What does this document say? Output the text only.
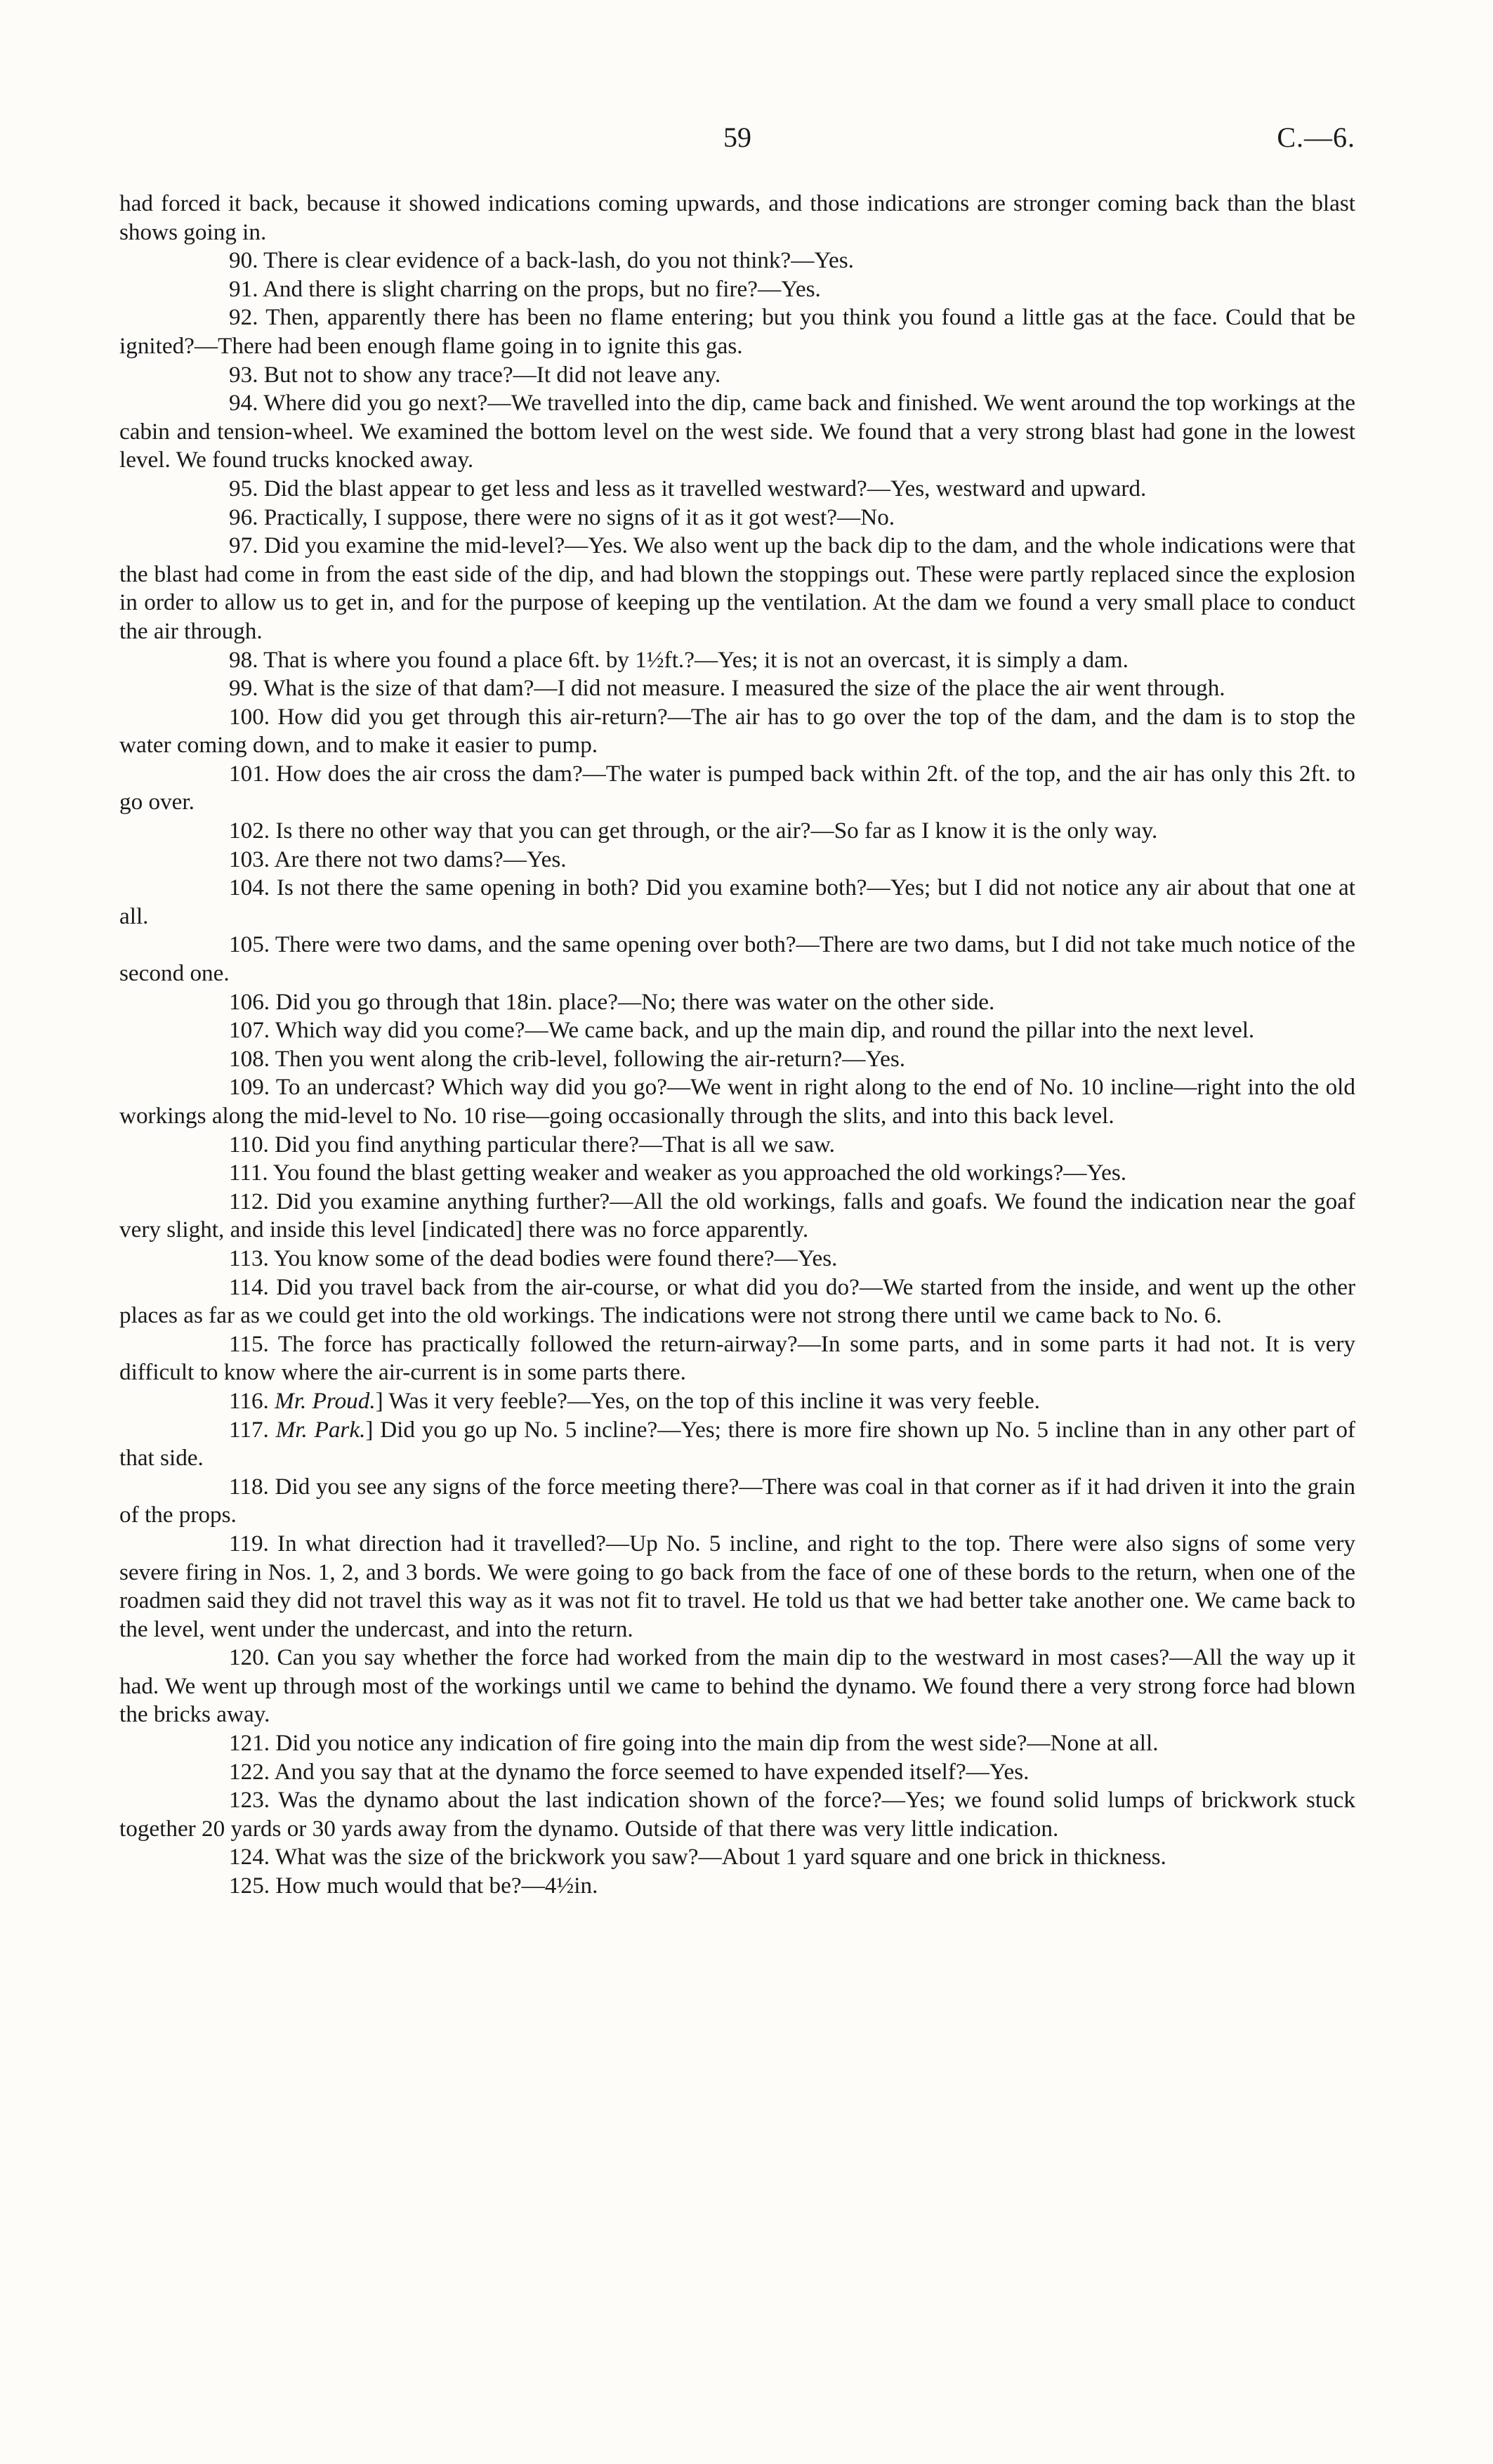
59	C.—6.

had forced it back, because it showed indications coming upwards, and those indications are stronger coming back than the blast shows going in.

90. There is clear evidence of a back-lash, do you not think?—Yes.

91. And there is slight charring on the props, but no fire?—Yes.

92. Then, apparently there has been no flame entering; but you think you found a little gas at the face. Could that be ignited?—There had been enough flame going in to ignite this gas.

93. But not to show any trace?—It did not leave any.

94. Where did you go next?—We travelled into the dip, came back and finished. We went around the top workings at the cabin and tension-wheel. We examined the bottom level on the west side. We found that a very strong blast had gone in the lowest level. We found trucks knocked away.

95. Did the blast appear to get less and less as it travelled westward?—Yes, westward and upward.

96. Practically, I suppose, there were no signs of it as it got west?—No.

97. Did you examine the mid-level?—Yes. We also went up the back dip to the dam, and the whole indications were that the blast had come in from the east side of the dip, and had blown the stoppings out. These were partly replaced since the explosion in order to allow us to get in, and for the purpose of keeping up the ventilation. At the dam we found a very small place to conduct the air through.

98. That is where you found a place 6ft. by 1½ft.?—Yes; it is not an overcast, it is simply a dam.

99. What is the size of that dam?—I did not measure. I measured the size of the place the air went through.

100. How did you get through this air-return?—The air has to go over the top of the dam, and the dam is to stop the water coming down, and to make it easier to pump.

101. How does the air cross the dam?—The water is pumped back within 2ft. of the top, and the air has only this 2ft. to go over.

102. Is there no other way that you can get through, or the air?—So far as I know it is the only way.

103. Are there not two dams?—Yes.

104. Is not there the same opening in both? Did you examine both?—Yes; but I did not notice any air about that one at all.

105. There were two dams, and the same opening over both?—There are two dams, but I did not take much notice of the second one.

106. Did you go through that 18in. place?—No; there was water on the other side.

107. Which way did you come?—We came back, and up the main dip, and round the pillar into the next level.

108. Then you went along the crib-level, following the air-return?—Yes.

109. To an undercast? Which way did you go?—We went in right along to the end of No. 10 incline—right into the old workings along the mid-level to No. 10 rise—going occasionally through the slits, and into this back level.

110. Did you find anything particular there?—That is all we saw.

111. You found the blast getting weaker and weaker as you approached the old workings?—Yes.

112. Did you examine anything further?—All the old workings, falls and goafs. We found the indication near the goaf very slight, and inside this level [indicated] there was no force apparently.

113. You know some of the dead bodies were found there?—Yes.

114. Did you travel back from the air-course, or what did you do?—We started from the inside, and went up the other places as far as we could get into the old workings. The indications were not strong there until we came back to No. 6.

115. The force has practically followed the return-airway?—In some parts, and in some parts it had not. It is very difficult to know where the air-current is in some parts there.

116. Mr. Proud.] Was it very feeble?—Yes, on the top of this incline it was very feeble.

117. Mr. Park.] Did you go up No. 5 incline?—Yes; there is more fire shown up No. 5 incline than in any other part of that side.

118. Did you see any signs of the force meeting there?—There was coal in that corner as if it had driven it into the grain of the props.

119. In what direction had it travelled?—Up No. 5 incline, and right to the top. There were also signs of some very severe firing in Nos. 1, 2, and 3 bords. We were going to go back from the face of one of these bords to the return, when one of the roadmen said they did not travel this way as it was not fit to travel. He told us that we had better take another one. We came back to the level, went under the undercast, and into the return.

120. Can you say whether the force had worked from the main dip to the westward in most cases?—All the way up it had. We went up through most of the workings until we came to behind the dynamo. We found there a very strong force had blown the bricks away.

121. Did you notice any indication of fire going into the main dip from the west side?—None at all.

122. And you say that at the dynamo the force seemed to have expended itself?—Yes.

123. Was the dynamo about the last indication shown of the force?—Yes; we found solid lumps of brickwork stuck together 20 yards or 30 yards away from the dynamo. Outside of that there was very little indication.

124. What was the size of the brickwork you saw?—About 1 yard square and one brick in thickness.

125. How much would that be?—4½in.
